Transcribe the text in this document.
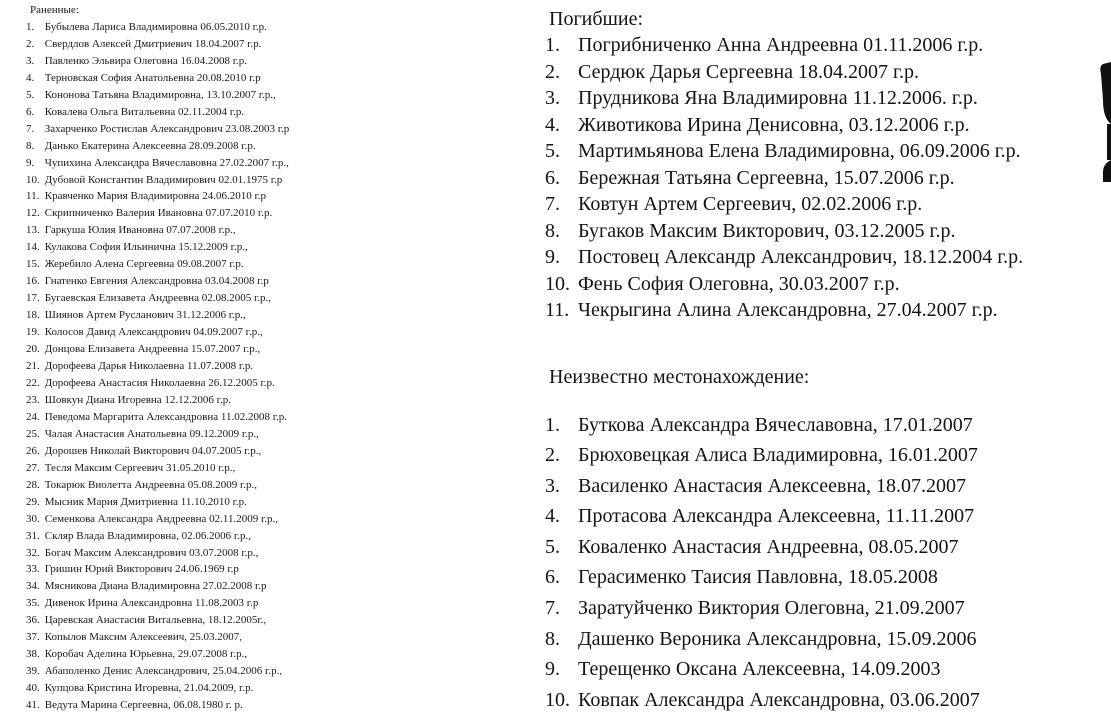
Раненные:
1. Бубылева Лариса Владимировна 06.05.2010 г.р.
2. Свердлов Алексей Дмитриевич 18.04.2007 г.р.
3. Павленко Эльвира Олеговна 16.04.2008 г.р.
4. Терновская София Анатольевна 20.08.2010 г.р
5. Кононова Татьяна Владимировна, 13.10.2007 г.р.,
6. Ковалева Ольга Витальевна 02.11.2004 г.р.
7. Захарченко Ростислав Александрович 23.08.2003 г.р
8. Данько Екатерина Алексеевна 28.09.2008 г.р.
9. Чупихина Александра Вячеславовна 27.02.2007 г.р.,
10. Дубовой Константин Владимирович 02.01.1975 г.р
11. Кравченко Мария Владимировна 24.06.2010 г.р
12. Скрипниченко Валерия Ивановна 07.07.2010 г.р.
13. Гаркуша Юлия Ивановна 07.07.2008 г.р.,
14. Кулакова София Ильинична 15.12.2009 г.р.,
15. Жеребило Алена Сергеевна 09.08.2007 г.р.
16. Гнатенко Евгения Александровна 03.04.2008 г.р
17. Бугаевская Елизавета Андреевна 02.08.2005 г.р.,
18. Шиянов Артем Русланович 31.12.2006 г.р.,
19. Колосов Давид Александрович 04.09.2007 г.р.,
20. Донцова Елизавета Андреевна 15.07.2007 г.р.,
21. Дорофеева Дарья Николаевна 11.07.2008 г.р.
22. Дорофеева Анастасия Николаевна 26.12.2005 г.р.
23. Шовкун Диана Игоревна 12.12.2006 г.р.
24. Певедома Маргарита Александровна 11.02.2008 г.р.
25. Чалая Анастасия Анатольевна 09.12.2009 г.р.,
26. Дорошев Николай Викторович 04.07.2005 г.р.,
27. Тесля Максим Сергеевич 31.05.2010 г.р.,
28. Токарюк Виолетта Андреевна 05.08.2009 г.р.,
29. Мысник Мария Дмитриевна 11.10.2010 г.р.
30. Семенкова Александра Андреевна 02.11.2009 г.р.,
31. Скляр Влада Владимировна, 02.06.2006 г.р.,
32. Богач Максим Александрович 03.07.2008 г.р.,
33. Гришин Юрий Викторович 24.06.1969 г.р
34. Мясникова Диана Владимировна 27.02.2008 г.р
35. Дивенок Ирина Александровна 11.08.2003 г.р
36. Царевская Анастасия Витальевна, 18.12.2005г.,
37. Копылов Максим Алексеевич, 25.03.2007,
38. Коробач Аделина Юрьевна, 29.07.2008 г.р.,
39. Абаполенко Денис Александрович, 25.04.2006 г.р.,
40. Купцова Кристина Игоревна, 21.04.2009, г.р.
41. Ведута Марина Сергеевна, 06.08.1980 г. р.
Погибшие:
1. Погрибниченко Анна Андреевна 01.11.2006 г.р.
2. Сердюк Дарья Сергеевна 18.04.2007 г.р.
3. Прудникова Яна Владимировна 11.12.2006. г.р.
4. Животикова Ирина Денисовна, 03.12.2006 г.р.
5. Мартимьянова Елена Владимировна, 06.09.2006 г.р.
6. Бережная Татьяна Сергеевна, 15.07.2006 г.р.
7. Ковтун Артем Сергеевич, 02.02.2006 г.р.
8. Бугаков Максим Викторович, 03.12.2005 г.р.
9. Постовец Александр Александрович, 18.12.2004 г.р.
10. Фень София Олеговна, 30.03.2007 г.р.
11. Чекрыгина Алина Александровна, 27.04.2007 г.р.
Неизвестно местонахождение:
1. Буткова Александра Вячеславовна, 17.01.2007
2. Брюховецкая Алиса Владимировна, 16.01.2007
3. Василенко Анастасия Алексеевна, 18.07.2007
4. Протасова Александра Алексеевна, 11.11.2007
5. Коваленко Анастасия Андреевна, 08.05.2007
6. Герасименко Таисия Павловна, 18.05.2008
7. Заратуйченко Виктория Олеговна, 21.09.2007
8. Дашенко Вероника Александровна, 15.09.2006
9. Терещенко Оксана Алексеевна, 14.09.2003
10. Ковпак Александра Александровна, 03.06.2007
